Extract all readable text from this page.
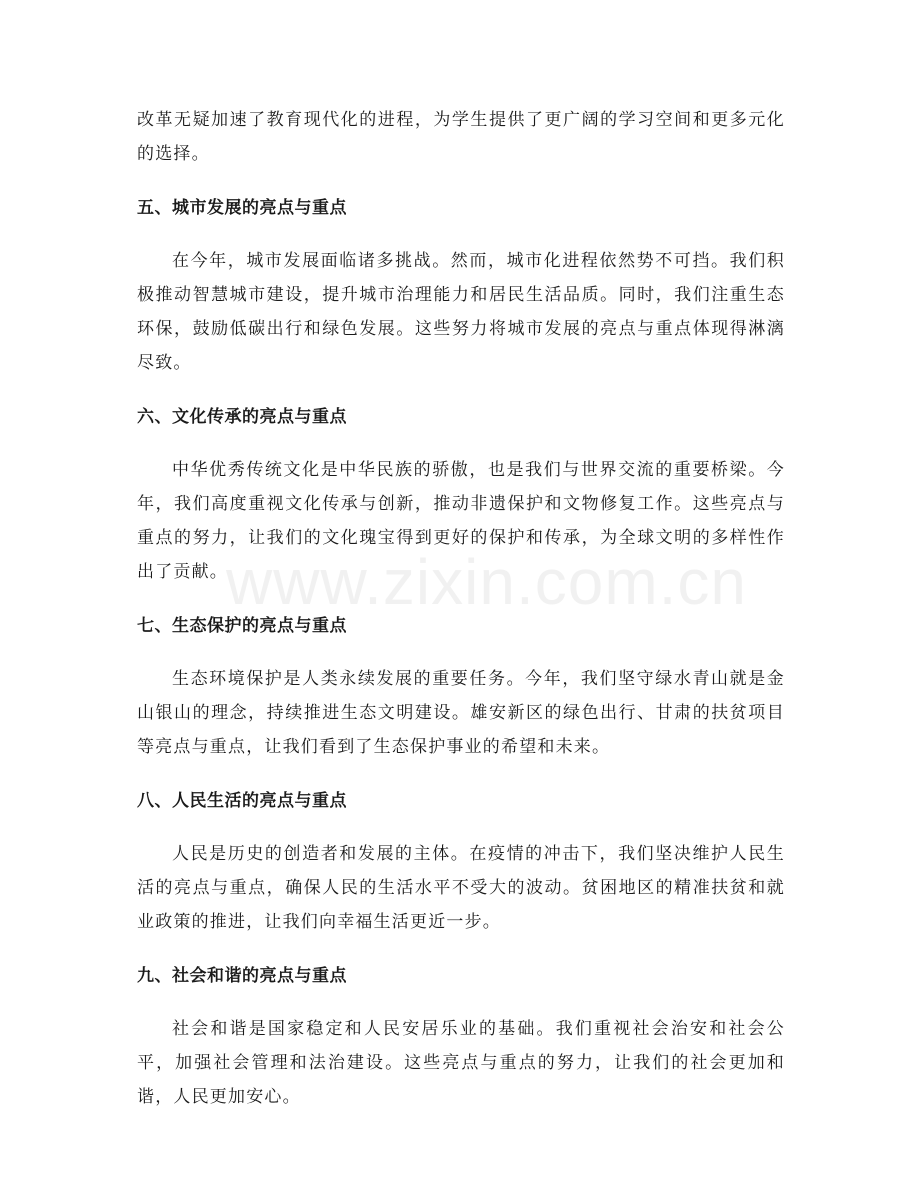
www.zixin.com.cn

改革无疑加速了教育现代化的进程，为学生提供了更广阔的学习空间和更多元化的选择。

五、城市发展的亮点与重点

在今年，城市发展面临诸多挑战。然而，城市化进程依然势不可挡。我们积极推动智慧城市建设，提升城市治理能力和居民生活品质。同时，我们注重生态环保，鼓励低碳出行和绿色发展。这些努力将城市发展的亮点与重点体现得淋漓尽致。

六、文化传承的亮点与重点

中华优秀传统文化是中华民族的骄傲，也是我们与世界交流的重要桥梁。今年，我们高度重视文化传承与创新，推动非遗保护和文物修复工作。这些亮点与重点的努力，让我们的文化瑰宝得到更好的保护和传承，为全球文明的多样性作出了贡献。

七、生态保护的亮点与重点

生态环境保护是人类永续发展的重要任务。今年，我们坚守绿水青山就是金山银山的理念，持续推进生态文明建设。雄安新区的绿色出行、甘肃的扶贫项目等亮点与重点，让我们看到了生态保护事业的希望和未来。

八、人民生活的亮点与重点

人民是历史的创造者和发展的主体。在疫情的冲击下，我们坚决维护人民生活的亮点与重点，确保人民的生活水平不受大的波动。贫困地区的精准扶贫和就业政策的推进，让我们向幸福生活更近一步。

九、社会和谐的亮点与重点

社会和谐是国家稳定和人民安居乐业的基础。我们重视社会治安和社会公平，加强社会管理和法治建设。这些亮点与重点的努力，让我们的社会更加和谐，人民更加安心。
